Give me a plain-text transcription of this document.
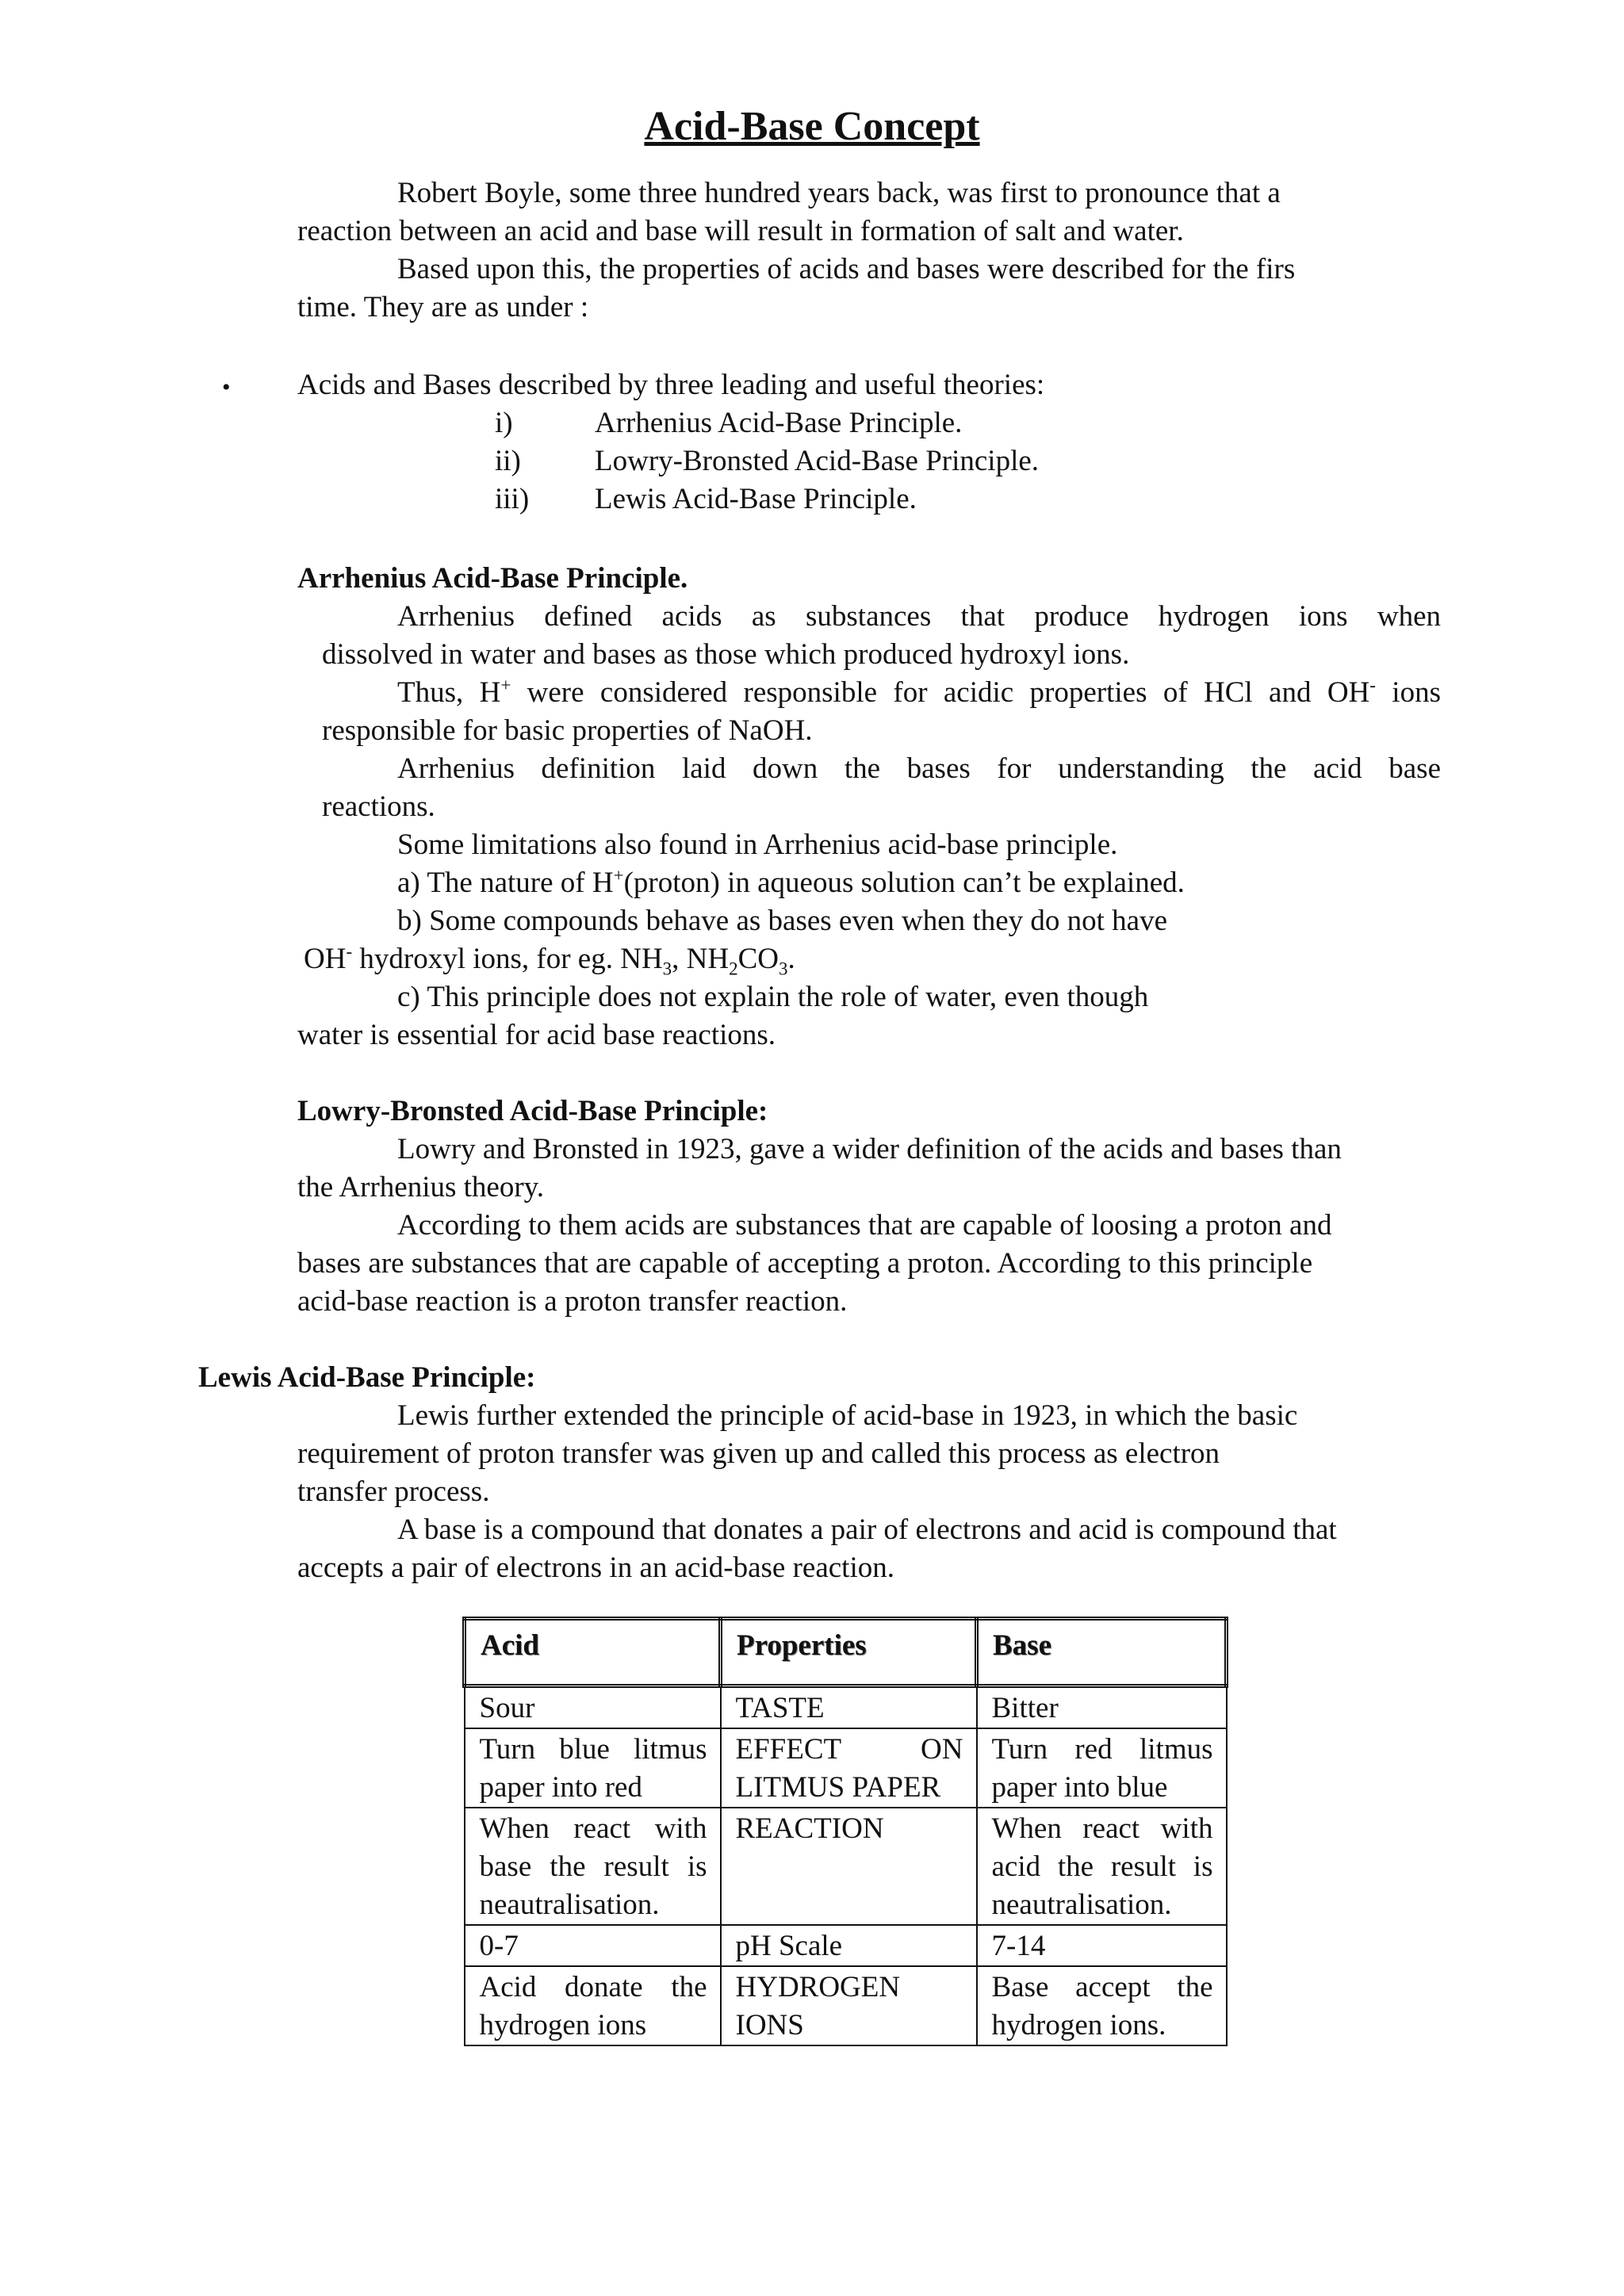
Acid-Base Concept
Robert Boyle, some three hundred years back, was first to pronounce that a
reaction between an acid and base will result in formation of salt and water.
Based upon this, the properties of acids and bases were described for the firs
time. They are as under :
• Acids and Bases described by three leading and useful theories:
i)	Arrhenius Acid-Base Principle.
ii)	Lowry-Bronsted Acid-Base Principle.
iii) Lewis Acid-Base Principle.
Arrhenius Acid-Base Principle.
Arrhenius defined acids as substances that produce hydrogen ions when
dissolved in water and bases as those which produced hydroxyl ions.
Thus, H+ were considered responsible for acidic properties of HCl and OH- ions
responsible for basic properties of NaOH.
Arrhenius definition laid down the bases for understanding the acid base
reactions.
Some limitations also found in Arrhenius acid-base principle.
a) The nature of H+(proton) in aqueous solution can’t be explained.
b) Some compounds behave as bases even when they do not have
OH- hydroxyl ions, for eg. $NH_3$, $NH_2CO_3$.
c) This principle does not explain the role of water, even though
water is essential for acid base reactions.
Lowry-Bronsted Acid-Base Principle:
Lowry and Bronsted in 1923, gave a wider definition of the acids and bases than
the Arrhenius theory.
According to them acids are substances that are capable of loosing a proton and
bases are substances that are capable of accepting a proton. According to this principle
acid-base reaction is a proton transfer reaction.
Lewis Acid-Base Principle:
Lewis further extended the principle of acid-base in 1923, in which the basic
requirement of proton transfer was given up and called this process as electron
transfer process.
A base is a compound that donates a pair of electrons and acid is compound that
accepts a pair of electrons in an acid-base reaction.
Acid	Properties	Base
Sour	TASTE	Bitter
Turn blue litmus paper into red	EFFECT ON LITMUS PAPER	Turn red litmus paper into blue
When react with base the result is neautralisation.	REACTION	When react with acid the result is neautralisation.
0-7	pH Scale	7-14
Acid donate the hydrogen ions	HYDROGEN IONS	Base accept the hydrogen ions.
